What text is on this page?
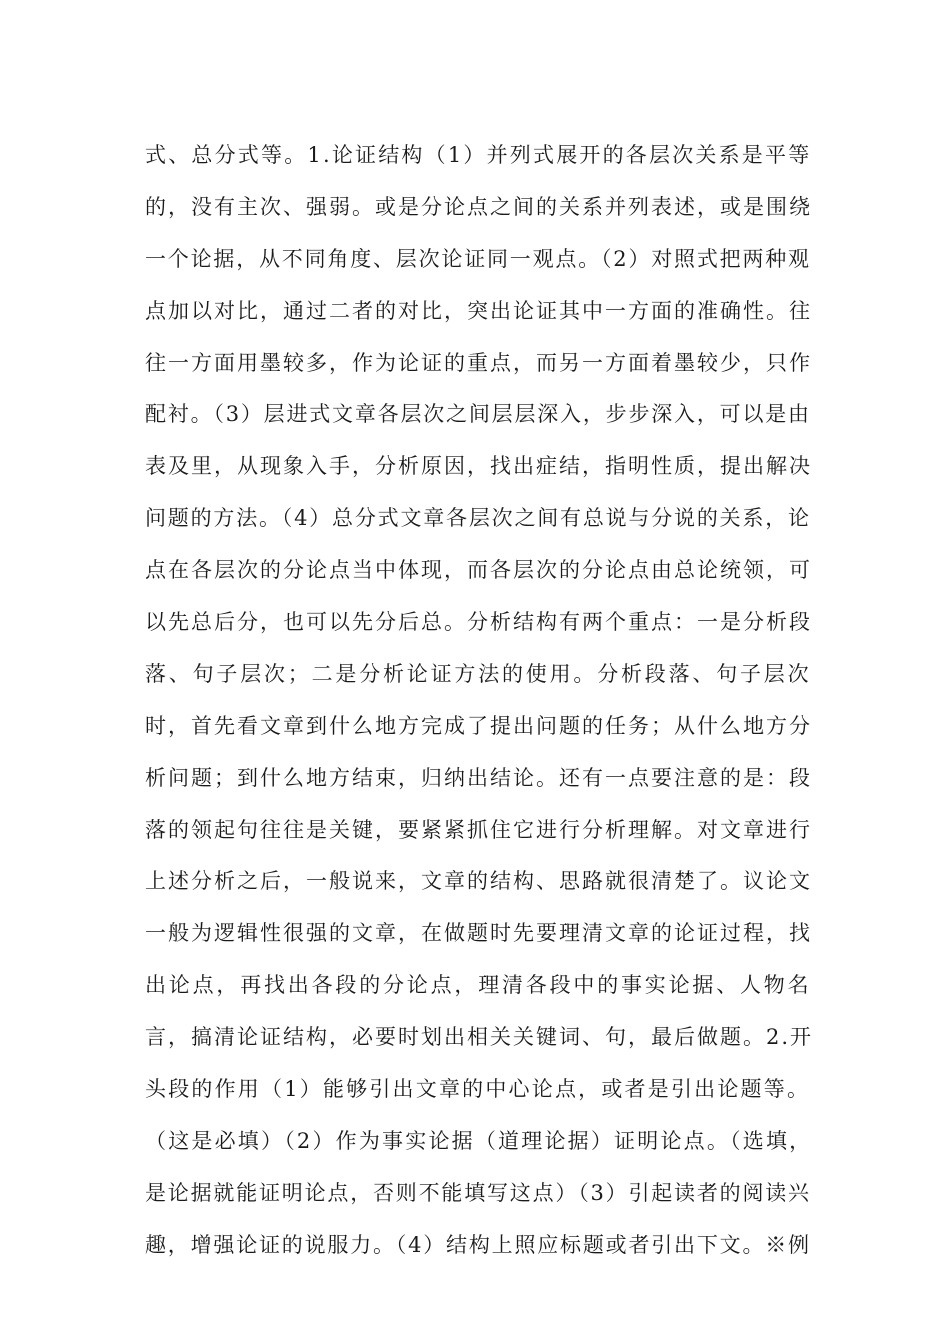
式、总分式等。1.论证结构（1）并列式展开的各层次关系是平等
的，没有主次、强弱。或是分论点之间的关系并列表述，或是围绕
一个论据，从不同角度、层次论证同一观点。（2）对照式把两种观
点加以对比，通过二者的对比，突出论证其中一方面的准确性。往
往一方面用墨较多，作为论证的重点，而另一方面着墨较少，只作
配衬。（3）层进式文章各层次之间层层深入，步步深入，可以是由
表及里，从现象入手，分析原因，找出症结，指明性质，提出解决
问题的方法。（4）总分式文章各层次之间有总说与分说的关系，论
点在各层次的分论点当中体现，而各层次的分论点由总论统领，可
以先总后分，也可以先分后总。分析结构有两个重点：一是分析段
落、句子层次；二是分析论证方法的使用。分析段落、句子层次
时，首先看文章到什么地方完成了提出问题的任务；从什么地方分
析问题；到什么地方结束，归纳出结论。还有一点要注意的是：段
落的领起句往往是关键，要紧紧抓住它进行分析理解。对文章进行
上述分析之后，一般说来，文章的结构、思路就很清楚了。议论文
一般为逻辑性很强的文章，在做题时先要理清文章的论证过程，找
出论点，再找出各段的分论点，理清各段中的事实论据、人物名
言，搞清论证结构，必要时划出相关关键词、句，最后做题。2.开
头段的作用（1）能够引出文章的中心论点，或者是引出论题等。
（这是必填）（2）作为事实论据（道理论据）证明论点。（选填，
是论据就能证明论点，否则不能填写这点）（3）引起读者的阅读兴
趣，增强论证的说服力。（4）结构上照应标题或者引出下文。※例
